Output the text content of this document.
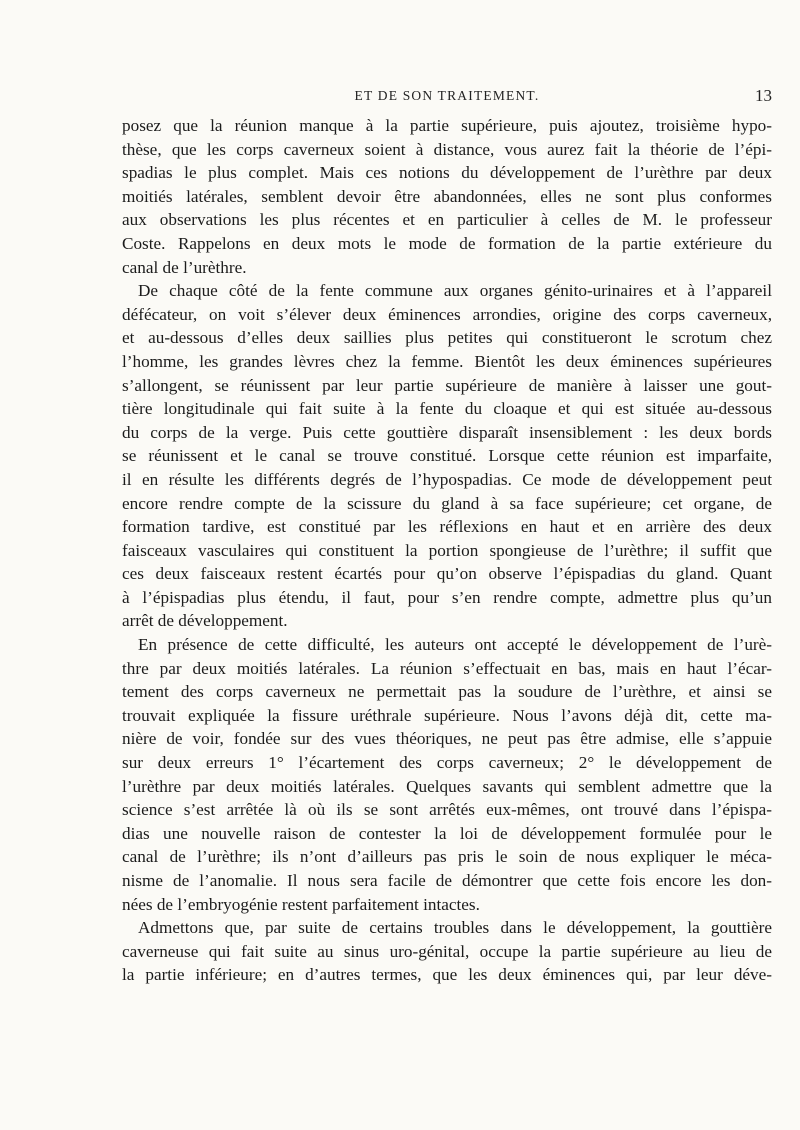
ET DE SON TRAITEMENT.	13
posez que la réunion manque à la partie supérieure, puis ajoutez, troisième hypo-
thèse, que les corps caverneux soient à distance, vous aurez fait la théorie de l’épi-
spadias le plus complet. Mais ces notions du développement de l’urèthre par deux
moitiés latérales, semblent devoir être abandonnées, elles ne sont plus conformes
aux observations les plus récentes et en particulier à celles de M. le professeur
Coste. Rappelons en deux mots le mode de formation de la partie extérieure du
canal de l’urèthre.
De chaque côté de la fente commune aux organes génito-urinaires et à l’appareil
défécateur, on voit s’élever deux éminences arrondies, origine des corps caverneux,
et au-dessous d’elles deux saillies plus petites qui constitueront le scrotum chez
l’homme, les grandes lèvres chez la femme. Bientôt les deux éminences supérieures
s’allongent, se réunissent par leur partie supérieure de manière à laisser une gout-
tière longitudinale qui fait suite à la fente du cloaque et qui est située au-dessous
du corps de la verge. Puis cette gouttière disparaît insensiblement : les deux bords
se réunissent et le canal se trouve constitué. Lorsque cette réunion est imparfaite,
il en résulte les différents degrés de l’hypospadias. Ce mode de développement peut
encore rendre compte de la scissure du gland à sa face supérieure; cet organe, de
formation tardive, est constitué par les réflexions en haut et en arrière des deux
faisceaux vasculaires qui constituent la portion spongieuse de l’urèthre; il suffit que
ces deux faisceaux restent écartés pour qu’on observe l’épispadias du gland. Quant
à l’épispadias plus étendu, il faut, pour s’en rendre compte, admettre plus qu’un
arrêt de développement.
En présence de cette difficulté, les auteurs ont accepté le développement de l’urè-
thre par deux moitiés latérales. La réunion s’effectuait en bas, mais en haut l’écar-
tement des corps caverneux ne permettait pas la soudure de l’urèthre, et ainsi se
trouvait expliquée la fissure uréthrale supérieure. Nous l’avons déjà dit, cette ma-
nière de voir, fondée sur des vues théoriques, ne peut pas être admise, elle s’appuie
sur deux erreurs 1° l’écartement des corps caverneux; 2° le développement de
l’urèthre par deux moitiés latérales. Quelques savants qui semblent admettre que la
science s’est arrêtée là où ils se sont arrêtés eux-mêmes, ont trouvé dans l’épispa-
dias une nouvelle raison de contester la loi de développement formulée pour le
canal de l’urèthre; ils n’ont d’ailleurs pas pris le soin de nous expliquer le méca-
nisme de l’anomalie. Il nous sera facile de démontrer que cette fois encore les don-
nées de l’embryogénie restent parfaitement intactes.
Admettons que, par suite de certains troubles dans le développement, la gouttière
caverneuse qui fait suite au sinus uro-génital, occupe la partie supérieure au lieu de
la partie inférieure; en d’autres termes, que les deux éminences qui, par leur déve-
